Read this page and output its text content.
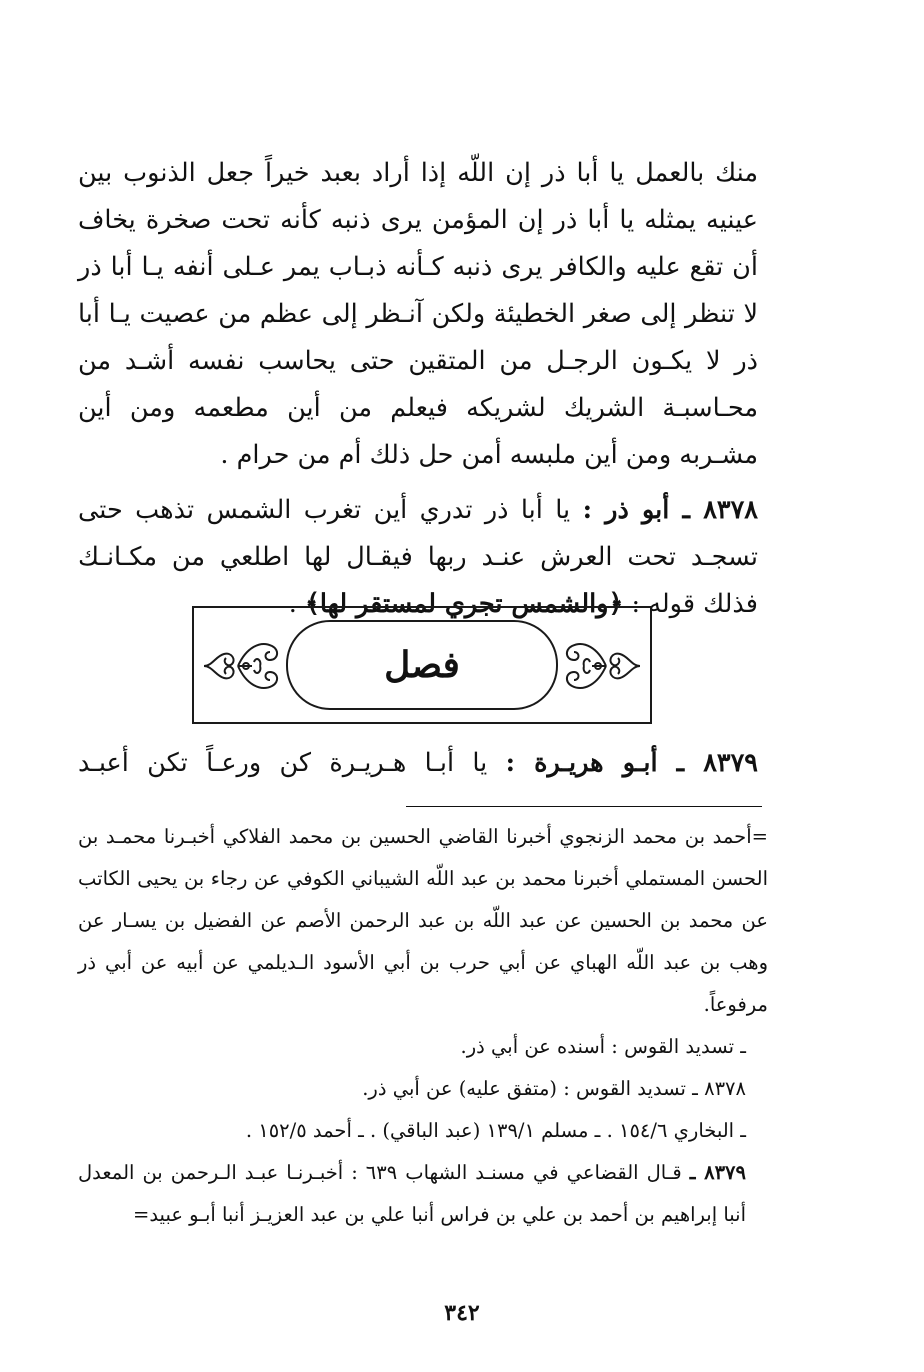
منك بالعمل يا أبا ذر إن اللّه إذا أراد بعبد خيراً جعل الذنوب بين عينيه يمثله يا أبا ذر إن المؤمن يرى ذنبه كأنه تحت صخرة يخاف أن تقع عليه والكافر يرى ذنبه كـأنه ذبـاب يمر عـلى أنفه يـا أبا ذر لا تنظر إلى صغر الخطيئة ولكن آنـظر إلى عظم من عصيت يـا أبا ذر لا يكـون الرجـل من المتقين حتى يحاسب نفسه أشـد من محـاسبـة الشريك لشريكه فيعلم من أين مطعمه ومن أين مشـربه ومن أين ملبسه أمن حل ذلك أم من حرام .

٨٣٧٨ ـ أبو ذر : يا أبا ذر تدري أين تغرب الشمس تذهب حتى تسجـد تحت العرش عنـد ربها فيقـال لها اطلعي من مكـانـك فذلك قوله : ﴿والشمس تجري لمستقر لها﴾ .

فصل
٨٣٧٩ ـ أبـو هريـرة : يا أبـا هـريـرة كن ورعـاً تكن أعبـد

=أحمد بن محمد الزنجوي أخبرنا القاضي الحسين بن محمد الفلاكي أخبـرنا محمـد بن الحسن المستملي أخبرنا محمد بن عبد اللّه الشيباني الكوفي عن رجاء بن يحيى الكاتب عن محمد بن الحسين عن عبد اللّه بن عبد الرحمن الأصم عن الفضيل بن يسـار عن وهب بن عبد اللّه الهباي عن أبي حرب بن أبي الأسود الـديلمي عن أبيه عن أبي ذر مرفوعاً.

ـ تسديد القوس : أسنده عن أبي ذر.

٨٣٧٨ ـ تسديد القوس : (متفق عليه) عن أبي ذر.

ـ البخاري ١٥٤/٦ . ـ مسلم ١٣٩/١ (عبد الباقي) . ـ أحمد ١٥٢/٥ .

٨٣٧٩ ـ قـال القضاعي في مسنـد الشهاب ٦٣٩ : أخبـرنـا عبـد الـرحمن بن المعدل أنبا إبراهيم بن أحمد بن علي بن فراس أنبا علي بن عبد العزيـز أنبا أبـو عبيد=

٣٤٢
